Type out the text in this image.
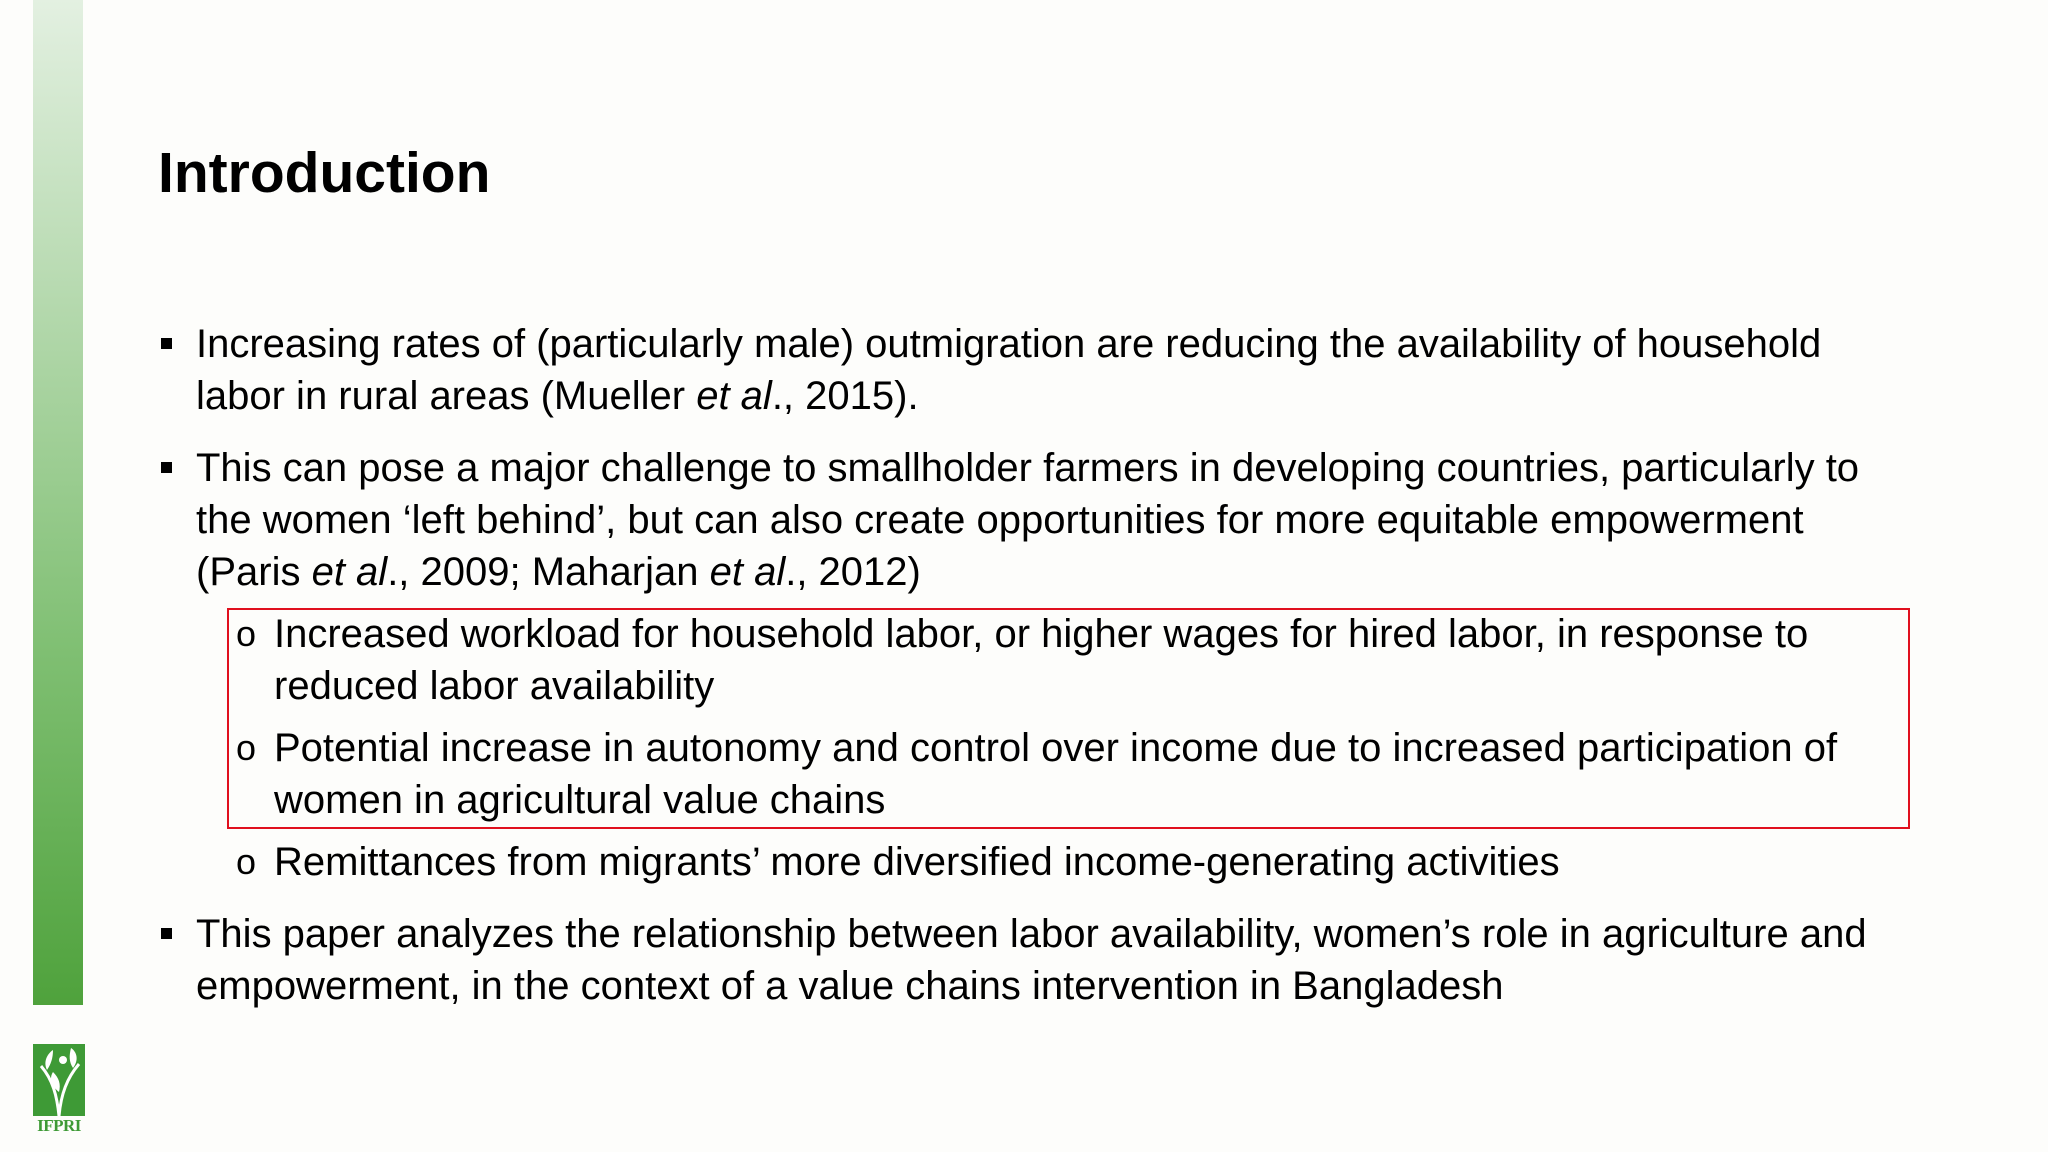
IFPRI
Introduction
Increasing rates of (particularly male) outmigration are reducing the availability of household labor in rural areas (Mueller et al., 2015).
This can pose a major challenge to smallholder farmers in developing countries, particularly to the women ‘left behind’, but can also create opportunities for more equitable empowerment (Paris et al., 2009; Maharjan et al., 2012)
o Increased workload for household labor, or higher wages for hired labor, in response to reduced labor availability
o Potential increase in autonomy and control over income due to increased participation of women in agricultural value chains
o Remittances from migrants’ more diversified income-generating activities
This paper analyzes the relationship between labor availability, women’s role in agriculture and empowerment, in the context of a value chains intervention in Bangladesh
